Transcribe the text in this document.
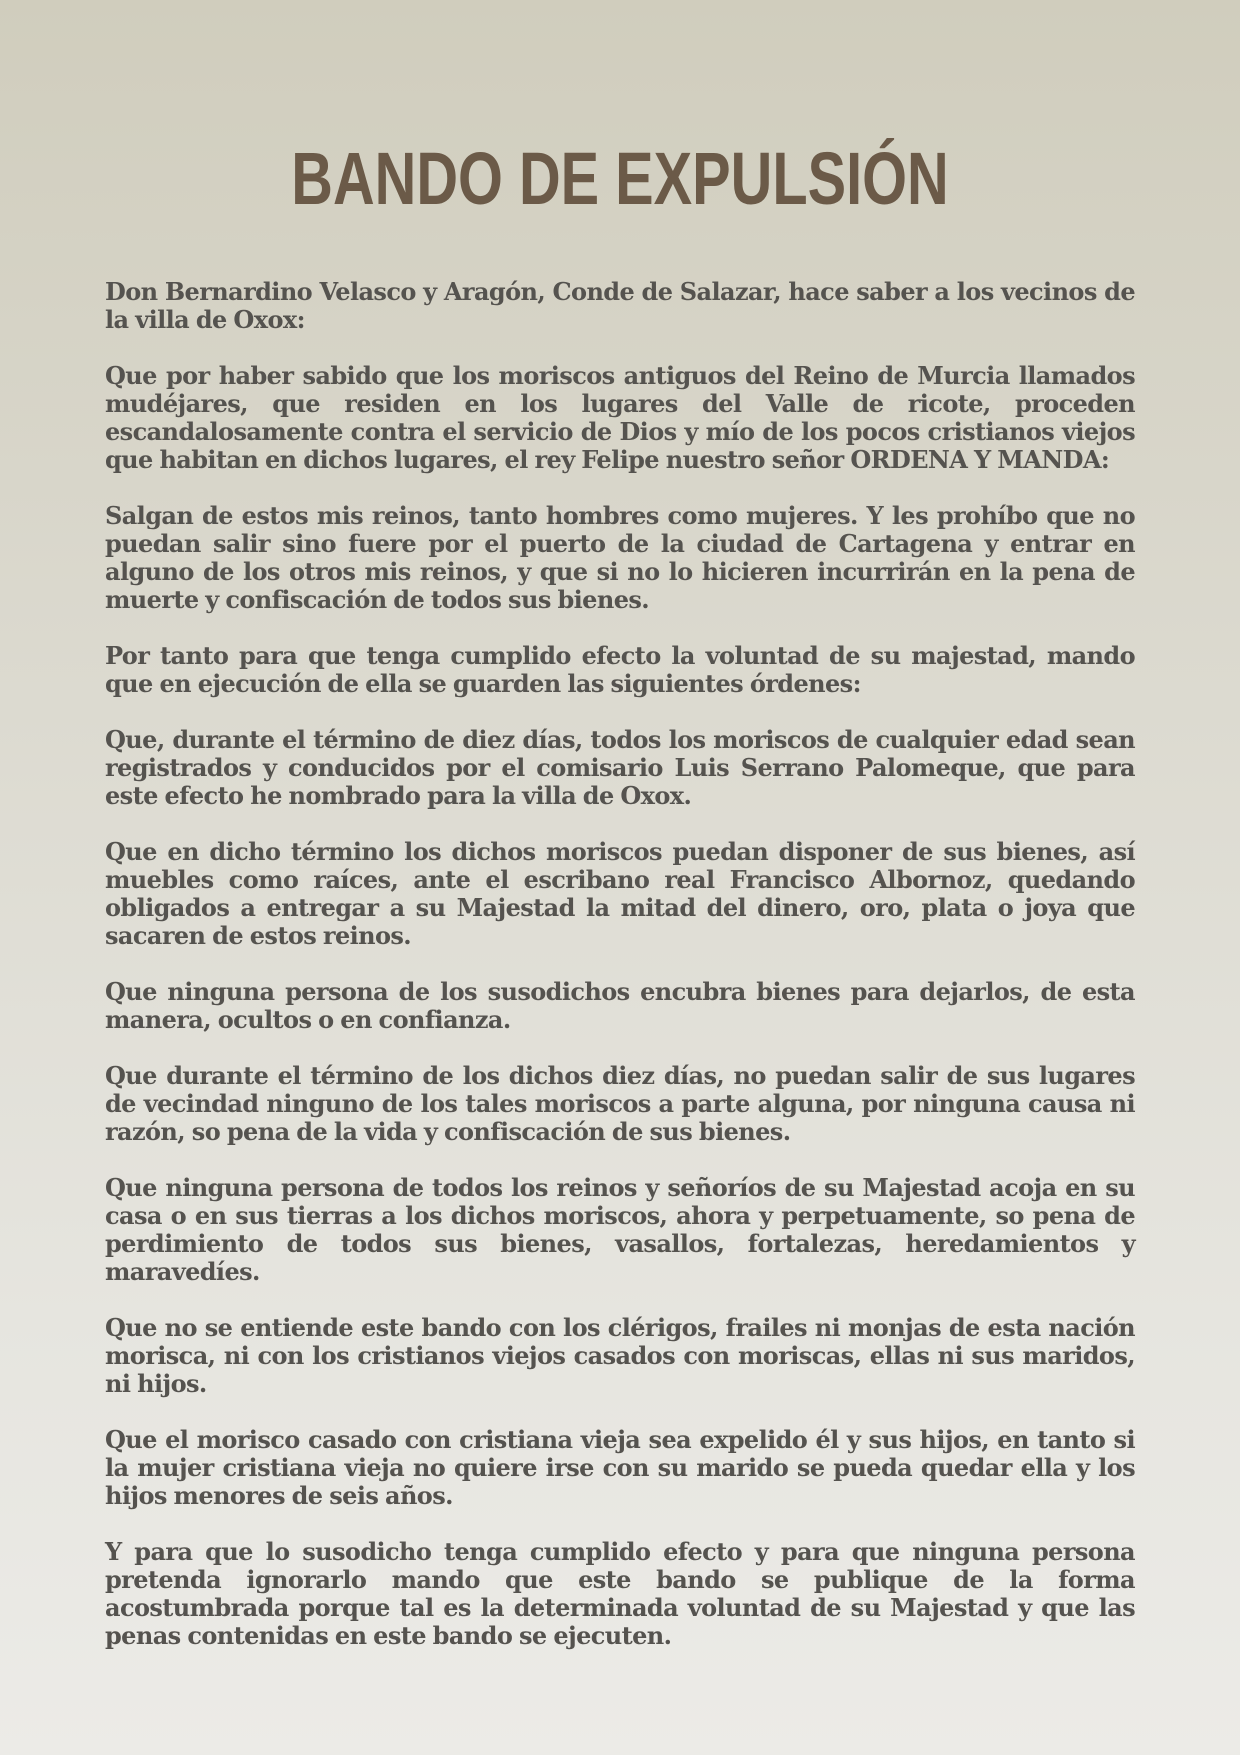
BANDO DE EXPULSIÓN

Don Bernardino Velasco y Aragón, Conde de Salazar, hace saber a los vecinos de la villa de Oxox:

Que por haber sabido que los moriscos antiguos del Reino de Murcia llamados mudéjares, que residen en los lugares del Valle de ricote, proceden escandalosamente contra el servicio de Dios y mío de los pocos cristianos viejos que habitan en dichos lugares, el rey Felipe nuestro señor ORDENA Y MANDA:

Salgan de estos mis reinos, tanto hombres como mujeres. Y les prohíbo que no puedan salir sino fuere por el puerto de la ciudad de Cartagena y entrar en alguno de los otros mis reinos, y que si no lo hicieren incurrirán en la pena de muerte y confiscación de todos sus bienes.

Por tanto para que tenga cumplido efecto la voluntad de su majestad, mando que en ejecución de ella se guarden las siguientes órdenes:

Que, durante el término de diez días, todos los moriscos de cualquier edad sean registrados y conducidos por el comisario Luis Serrano Palomeque, que para este efecto he nombrado para la villa de Oxox.

Que en dicho término los dichos moriscos puedan disponer de sus bienes, así muebles como raíces, ante el escribano real Francisco Albornoz, quedando obligados a entregar a su Majestad la mitad del dinero, oro, plata o joya que sacaren de estos reinos.

Que ninguna persona de los susodichos encubra bienes para dejarlos, de esta manera, ocultos o en confianza.

Que durante el término de los dichos diez días, no puedan salir de sus lugares de vecindad ninguno de los tales moriscos a parte alguna, por ninguna causa ni razón, so pena de la vida y confiscación de sus bienes.

Que ninguna persona de todos los reinos y señoríos de su Majestad acoja en su casa o en sus tierras a los dichos moriscos, ahora y perpetuamente, so pena de perdimiento de todos sus bienes, vasallos, fortalezas, heredamientos y maravedíes.

Que no se entiende este bando con los clérigos, frailes ni monjas de esta nación morisca, ni con los cristianos viejos casados con moriscas, ellas ni sus maridos, ni hijos.

Que el morisco casado con cristiana vieja sea expelido él y sus hijos, en tanto si la mujer cristiana vieja no quiere irse con su marido se pueda quedar ella y los hijos menores de seis años.

Y para que lo susodicho tenga cumplido efecto y para que ninguna persona pretenda ignorarlo mando que este bando se publique de la forma acostumbrada porque tal es la determinada voluntad de su Majestad y que las penas contenidas en este bando se ejecuten.
